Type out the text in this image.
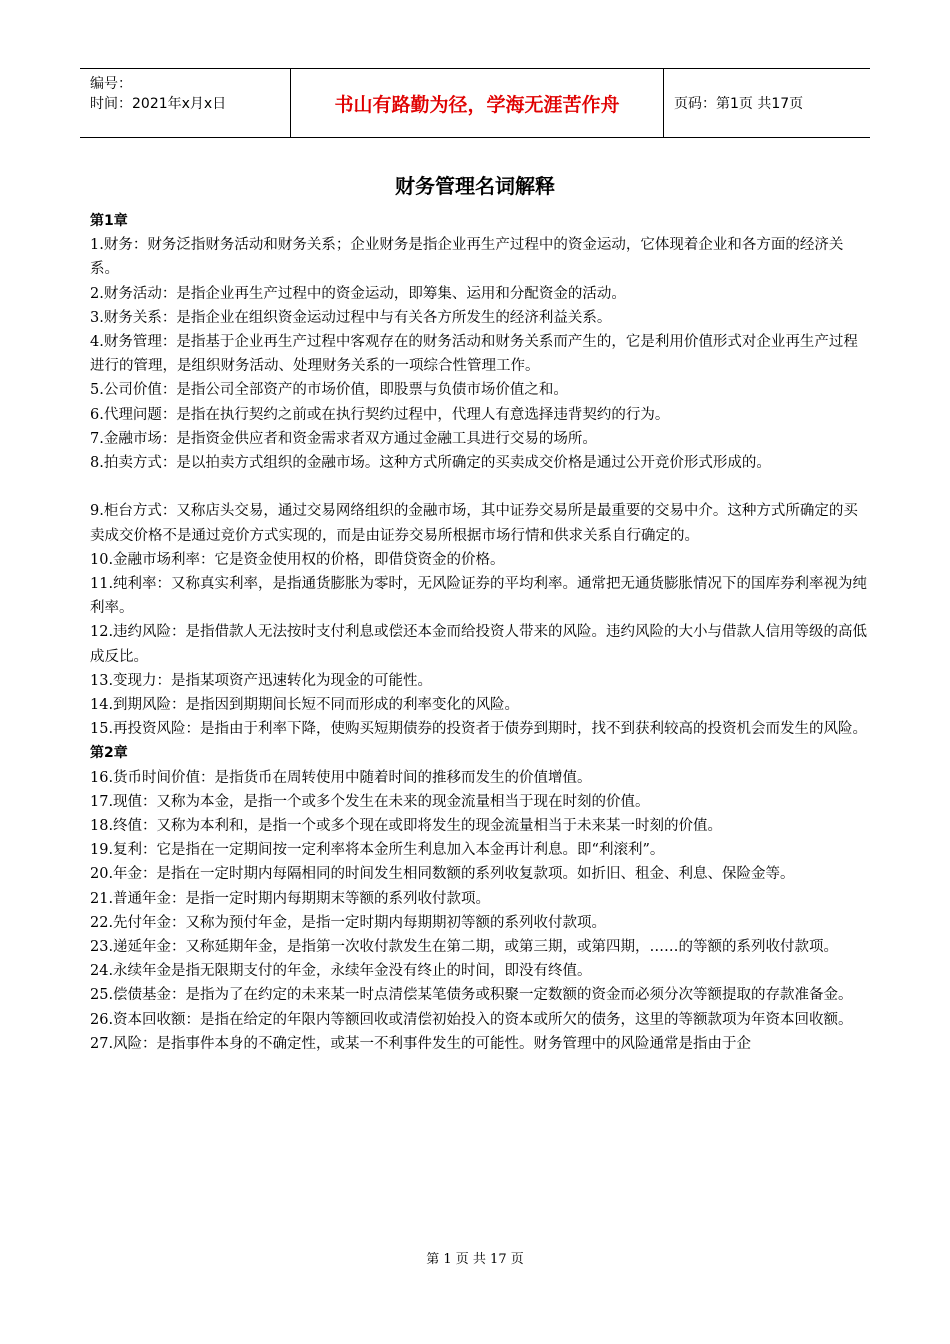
编号：
时间：2021年x月x日	书山有路勤为径，学海无涯苦作舟	页码：第1页 共17页
财务管理名词解释

第1章

1.财务：财务泛指财务活动和财务关系；企业财务是指企业再生产过程中的资金运动，它体现着企业和各方面的经济关系。

2.财务活动：是指企业再生产过程中的资金运动，即筹集、运用和分配资金的活动。

3.财务关系：是指企业在组织资金运动过程中与有关各方所发生的经济利益关系。

4.财务管理：是指基于企业再生产过程中客观存在的财务活动和财务关系而产生的，它是利用价值形式对企业再生产过程进行的管理，是组织财务活动、处理财务关系的一项综合性管理工作。

5.公司价值：是指公司全部资产的市场价值，即股票与负债市场价值之和。

6.代理问题：是指在执行契约之前或在执行契约过程中，代理人有意选择违背契约的行为。

7.金融市场：是指资金供应者和资金需求者双方通过金融工具进行交易的场所。

8.拍卖方式：是以拍卖方式组织的金融市场。这种方式所确定的买卖成交价格是通过公开竞价形式形成的。

9.柜台方式：又称店头交易，通过交易网络组织的金融市场，其中证券交易所是最重要的交易中介。这种方式所确定的买卖成交价格不是通过竞价方式实现的，而是由证券交易所根据市场行情和供求关系自行确定的。

10.金融市场利率：它是资金使用权的价格，即借贷资金的价格。

11.纯利率：又称真实利率，是指通货膨胀为零时，无风险证券的平均利率。通常把无通货膨胀情况下的国库券利率视为纯利率。

12.违约风险：是指借款人无法按时支付利息或偿还本金而给投资人带来的风险。违约风险的大小与借款人信用等级的高低成反比。

13.变现力：是指某项资产迅速转化为现金的可能性。

14.到期风险：是指因到期期间长短不同而形成的利率变化的风险。

15.再投资风险：是指由于利率下降，使购买短期债券的投资者于债券到期时，找不到获利较高的投资机会而发生的风险。

第2章

16.货币时间价值：是指货币在周转使用中随着时间的推移而发生的价值增值。

17.现值：又称为本金，是指一个或多个发生在未来的现金流量相当于现在时刻的价值。

18.终值：又称为本利和，是指一个或多个现在或即将发生的现金流量相当于未来某一时刻的价值。

19.复利：它是指在一定期间按一定利率将本金所生利息加入本金再计利息。即“利滚利”。

20.年金：是指在一定时期内每隔相同的时间发生相同数额的系列收复款项。如折旧、租金、利息、保险金等。

21.普通年金：是指一定时期内每期期末等额的系列收付款项。

22.先付年金：又称为预付年金，是指一定时期内每期期初等额的系列收付款项。

23.递延年金：又称延期年金，是指第一次收付款发生在第二期，或第三期，或第四期，……的等额的系列收付款项。

24.永续年金是指无限期支付的年金，永续年金没有终止的时间，即没有终值。

25.偿债基金：是指为了在约定的未来某一时点清偿某笔债务或积聚一定数额的资金而必须分次等额提取的存款准备金。

26.资本回收额：是指在给定的年限内等额回收或清偿初始投入的资本或所欠的债务，这里的等额款项为年资本回收额。

27.风险：是指事件本身的不确定性，或某一不利事件发生的可能性。财务管理中的风险通常是指由于企

第 1 页 共 17 页
